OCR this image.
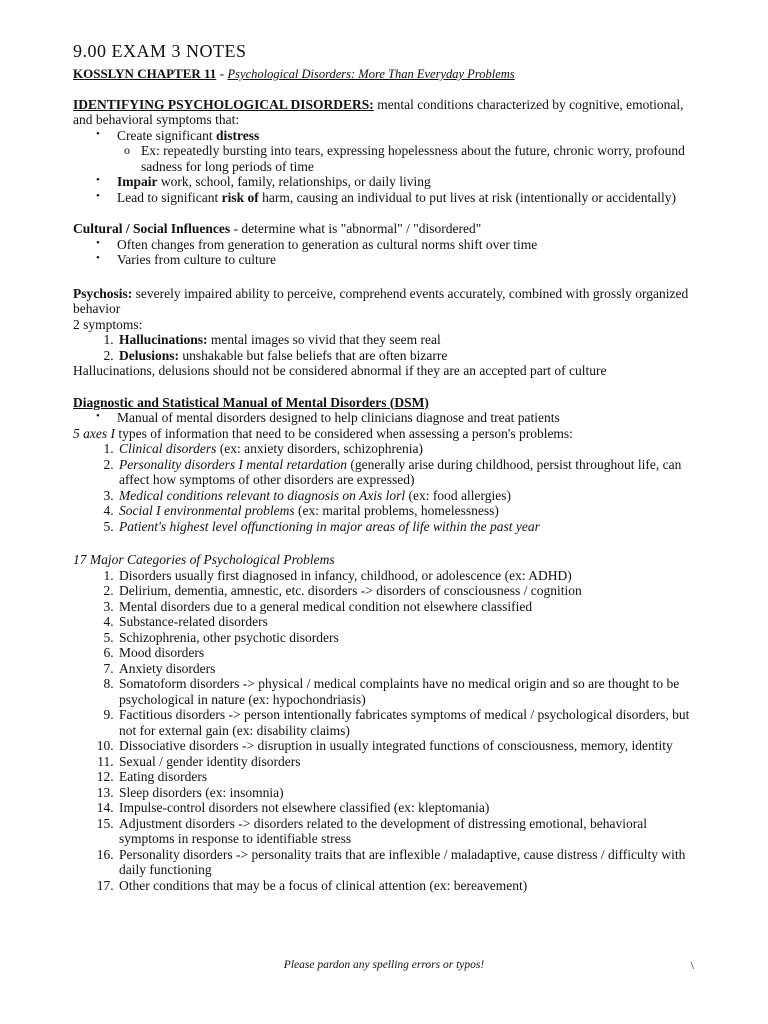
9.00 EXAM 3 NOTES
KOSSLYN CHAPTER 11 - Psychological Disorders: More Than Everyday Problems

IDENTIFYING PSYCHOLOGICAL DISORDERS: mental conditions characterized by cognitive, emotional, and behavioral symptoms that:

• Create significant distress
o Ex: repeatedly bursting into tears, expressing hopelessness about the future, chronic worry, profound sadness for long periods of time
• Impair work, school, family, relationships, or daily living
• Lead to significant risk of harm, causing an individual to put lives at risk (intentionally or accidentally)

Cultural / Social Influences - determine what is "abnormal" / "disordered"

• Often changes from generation to generation as cultural norms shift over time
• Varies from culture to culture

Psychosis: severely impaired ability to perceive, comprehend events accurately, combined with grossly organized behavior

2 symptoms:

1. Hallucinations: mental images so vivid that they seem real
2. Delusions: unshakable but false beliefs that are often bizarre

Hallucinations, delusions should not be considered abnormal if they are an accepted part of culture

Diagnostic and Statistical Manual of Mental Disorders (DSM)

• Manual of mental disorders designed to help clinicians diagnose and treat patients

5 axes I types of information that need to be considered when assessing a person's problems:

1. Clinical disorders (ex: anxiety disorders, schizophrenia)
2. Personality disorders I mental retardation (generally arise during childhood, persist throughout life, can affect how symptoms of other disorders are expressed)
3. Medical conditions relevant to diagnosis on Axis lorl (ex: food allergies)
4. Social I environmental problems (ex: marital problems, homelessness)
5. Patient's highest level offunctioning in major areas of life within the past year

17 Major Categories of Psychological Problems

1. Disorders usually first diagnosed in infancy, childhood, or adolescence (ex: ADHD)
2. Delirium, dementia, amnestic, etc. disorders -> disorders of consciousness / cognition
3. Mental disorders due to a general medical condition not elsewhere classified
4. Substance-related disorders
5. Schizophrenia, other psychotic disorders
6. Mood disorders
7. Anxiety disorders
8. Somatoform disorders -> physical / medical complaints have no medical origin and so are thought to be psychological in nature (ex: hypochondriasis)
9. Factitious disorders -> person intentionally fabricates symptoms of medical / psychological disorders, but not for external gain (ex: disability claims)
10. Dissociative disorders -> disruption in usually integrated functions of consciousness, memory, identity
11. Sexual / gender identity disorders
12. Eating disorders
13. Sleep disorders (ex: insomnia)
14. Impulse-control disorders not elsewhere classified (ex: kleptomania)
15. Adjustment disorders -> disorders related to the development of distressing emotional, behavioral symptoms in response to identifiable stress
16. Personality disorders -> personality traits that are inflexible / maladaptive, cause distress / difficulty with daily functioning
17. Other conditions that may be a focus of clinical attention (ex: bereavement)
Please pardon any spelling errors or typos!	\
